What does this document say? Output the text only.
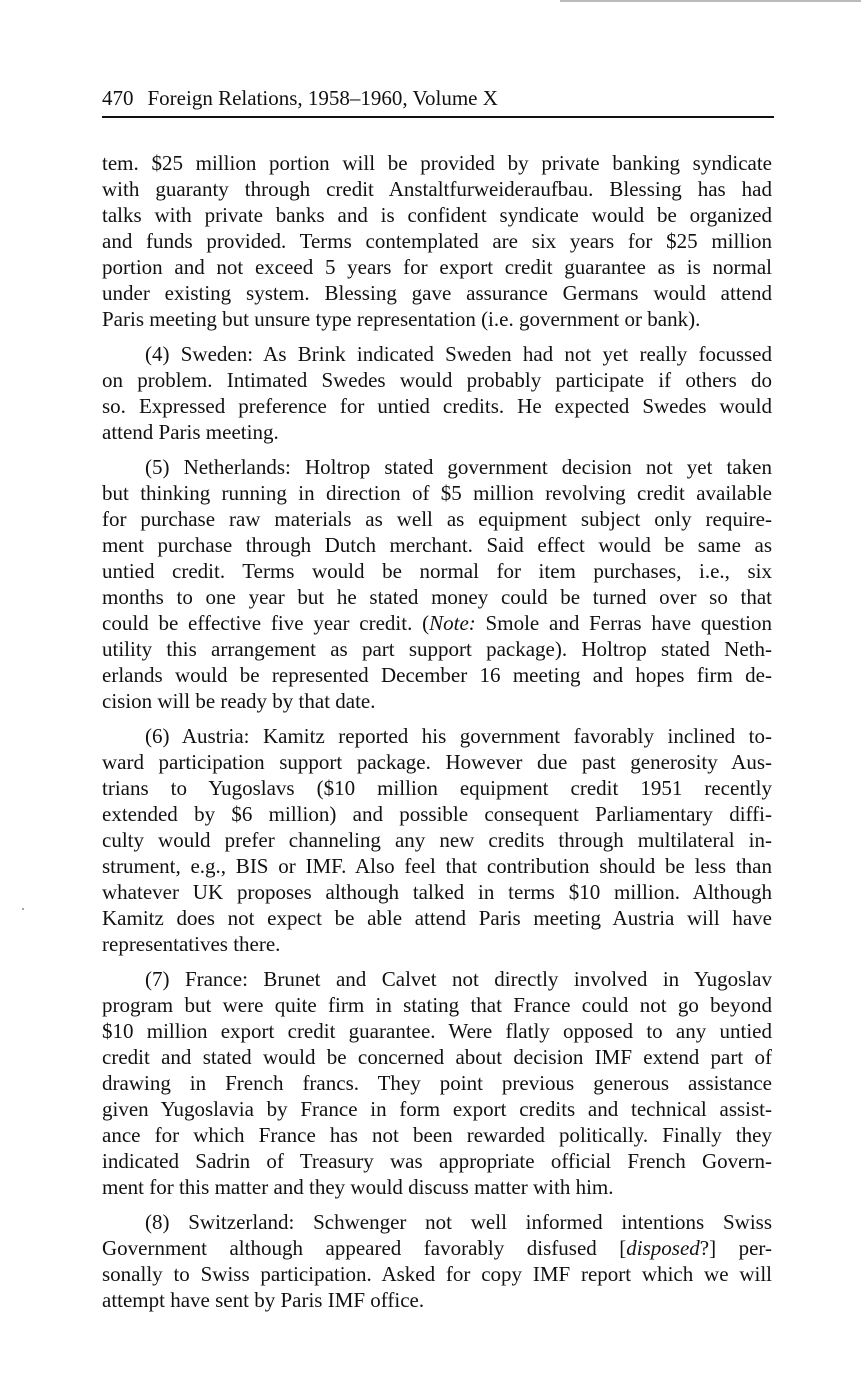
470 Foreign Relations, 1958–1960, Volume X
tem. $25 million portion will be provided by private banking syndicate
with guaranty through credit Anstaltfurweideraufbau. Blessing has had
talks with private banks and is confident syndicate would be organized
and funds provided. Terms contemplated are six years for $25 million
portion and not exceed 5 years for export credit guarantee as is normal
under existing system. Blessing gave assurance Germans would attend
Paris meeting but unsure type representation (i.e. government or bank).
(4) Sweden: As Brink indicated Sweden had not yet really focussed
on problem. Intimated Swedes would probably participate if others do
so. Expressed preference for untied credits. He expected Swedes would
attend Paris meeting.
(5) Netherlands: Holtrop stated government decision not yet taken
but thinking running in direction of $5 million revolving credit available
for purchase raw materials as well as equipment subject only require-
ment purchase through Dutch merchant. Said effect would be same as
untied credit. Terms would be normal for item purchases, i.e., six
months to one year but he stated money could be turned over so that
could be effective five year credit. (Note: Smole and Ferras have question
utility this arrangement as part support package). Holtrop stated Neth-
erlands would be represented December 16 meeting and hopes firm de-
cision will be ready by that date.
(6) Austria: Kamitz reported his government favorably inclined to-
ward participation support package. However due past generosity Aus-
trians to Yugoslavs ($10 million equipment credit 1951 recently
extended by $6 million) and possible consequent Parliamentary diffi-
culty would prefer channeling any new credits through multilateral in-
strument, e.g., BIS or IMF. Also feel that contribution should be less than
whatever UK proposes although talked in terms $10 million. Although
Kamitz does not expect be able attend Paris meeting Austria will have
representatives there.
(7) France: Brunet and Calvet not directly involved in Yugoslav
program but were quite firm in stating that France could not go beyond
$10 million export credit guarantee. Were flatly opposed to any untied
credit and stated would be concerned about decision IMF extend part of
drawing in French francs. They point previous generous assistance
given Yugoslavia by France in form export credits and technical assist-
ance for which France has not been rewarded politically. Finally they
indicated Sadrin of Treasury was appropriate official French Govern-
ment for this matter and they would discuss matter with him.
(8) Switzerland: Schwenger not well informed intentions Swiss
Government although appeared favorably disfused [disposed?] per-
sonally to Swiss participation. Asked for copy IMF report which we will
attempt have sent by Paris IMF office.
